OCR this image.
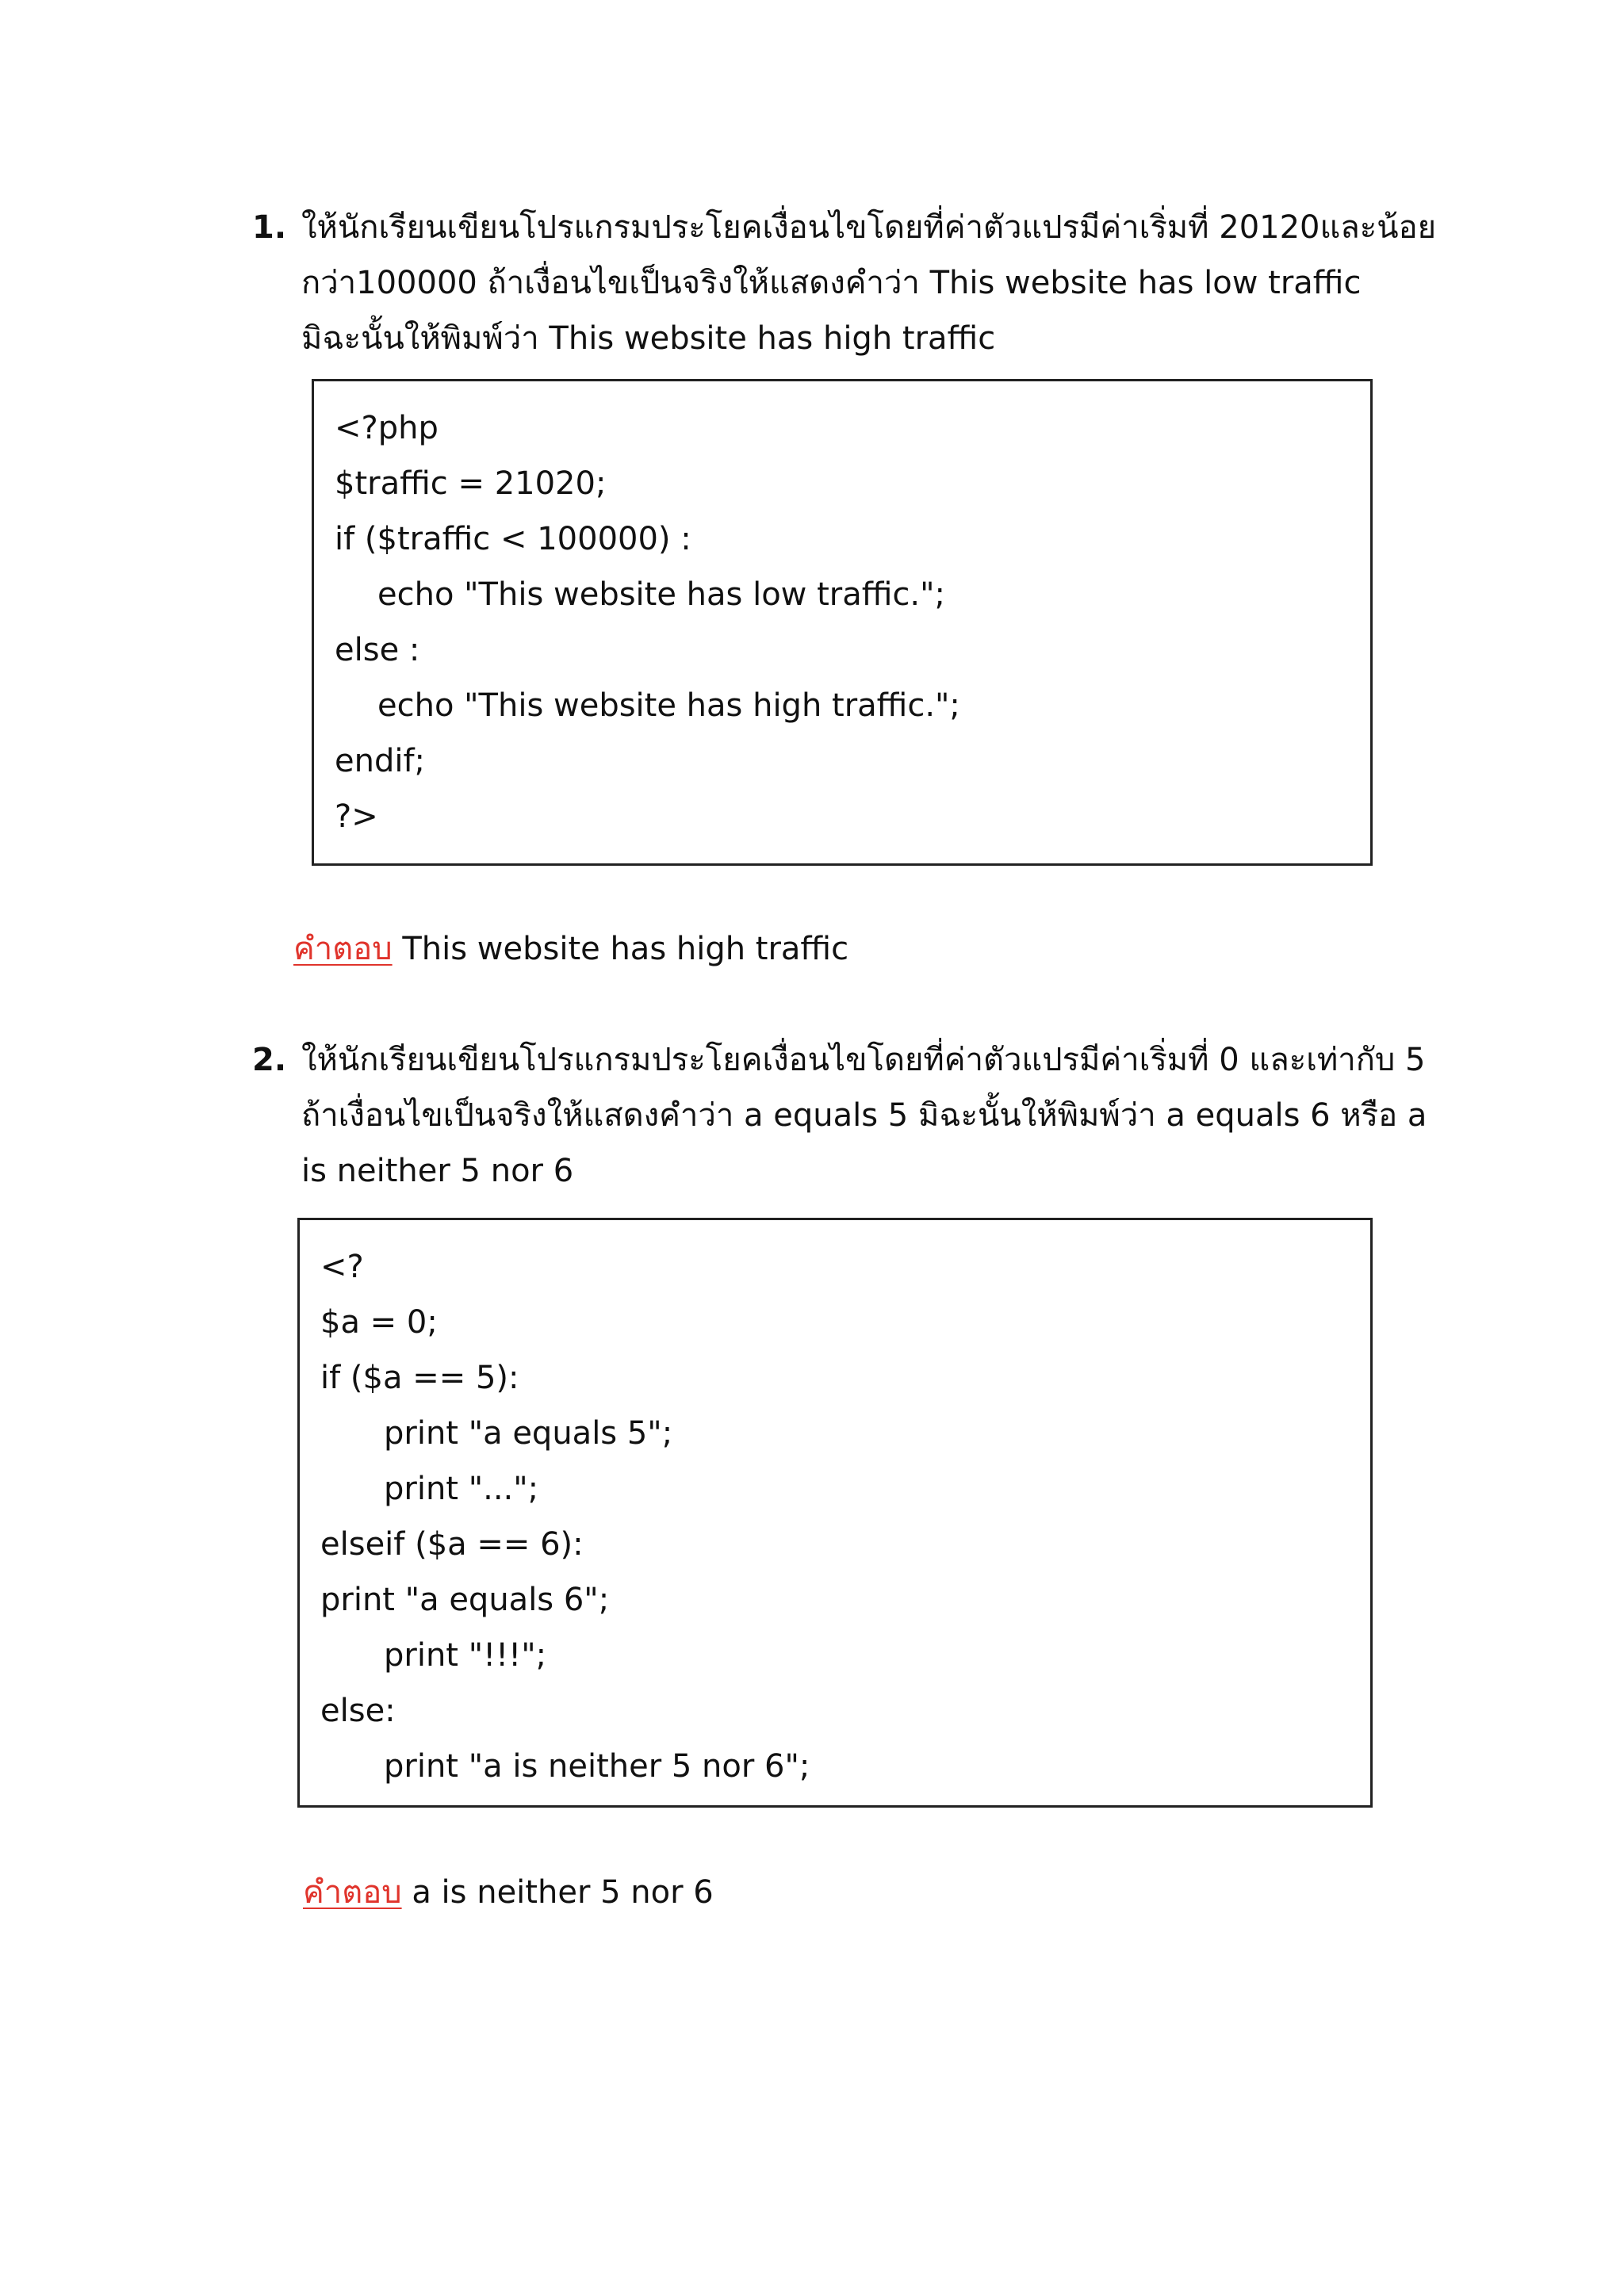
1. ให้นักเรียนเขียนโปรแกรมประโยคเงื่อนไขโดยที่ค่าตัวแปรมีค่าเริ่มที่ 20120และน้อย
กว่า100000 ถ้าเงื่อนไขเป็นจริงให้แสดงคำว่า This website has low traffic
มิฉะนั้นให้พิมพ์ว่า This website has high traffic
<?php
$traffic = 21020;
if ($traffic < 100000) :
echo "This website has low traffic.";
else :
echo "This website has high traffic.";
endif;
?>
คำตอบ This website has high traffic
2. ให้นักเรียนเขียนโปรแกรมประโยคเงื่อนไขโดยที่ค่าตัวแปรมีค่าเริ่มที่ 0 และเท่ากับ 5
ถ้าเงื่อนไขเป็นจริงให้แสดงคำว่า a equals 5 มิฉะนั้นให้พิมพ์ว่า a equals 6 หรือ a
is neither 5 nor 6
<?
$a = 0;
if ($a == 5):
print "a equals 5";
print "...";
elseif ($a == 6):
print "a equals 6";
print "!!!";
else:
print "a is neither 5 nor 6";
คำตอบ a is neither 5 nor 6
